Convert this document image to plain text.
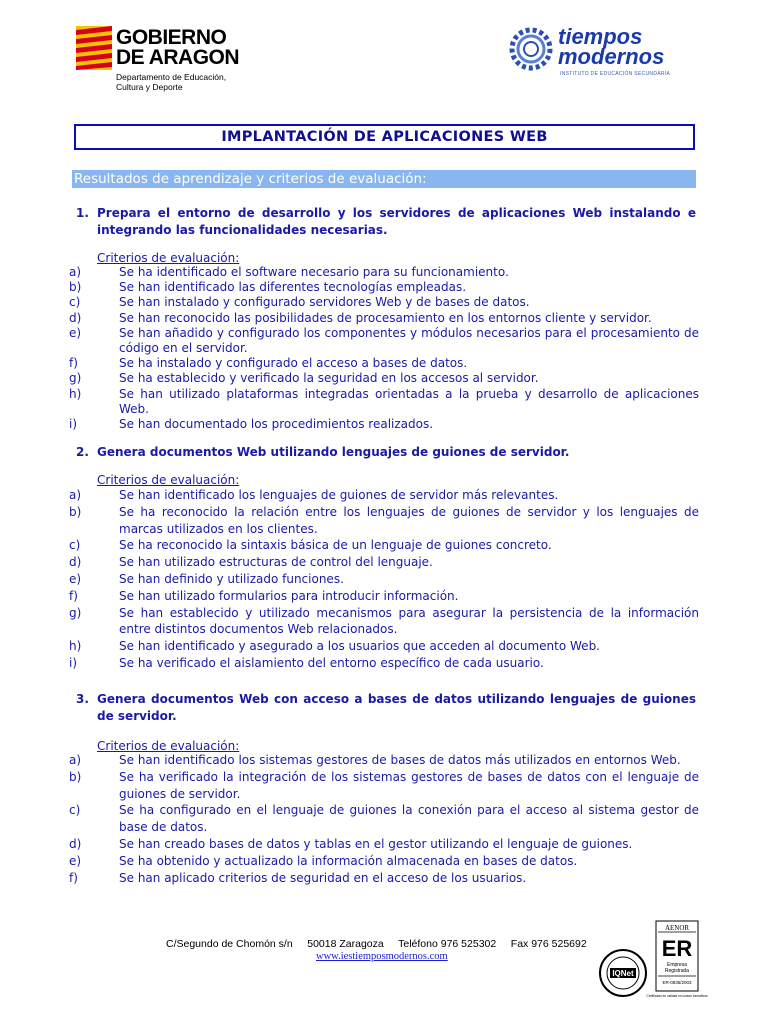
GOBIERNO
DE ARAGON
Departamento de Educación,
Cultura y Deporte
tiempos
modernos
INSTITUTO DE EDUCACIÓN SECUNDARIA
IMPLANTACIÓN DE APLICACIONES WEB
Resultados de aprendizaje y criterios de evaluación:
1. Prepara el entorno de desarrollo y los servidores de aplicaciones Web instalando e integrando las funcionalidades necesarias.
Criterios de evaluación:
a)	Se ha identificado el software necesario para su funcionamiento.
b)	Se han identificado las diferentes tecnologías empleadas.
c)	Se han instalado y configurado servidores Web y de bases de datos.
d)	Se han reconocido las posibilidades de procesamiento en los entornos cliente y servidor.
e)	Se han añadido y configurado los componentes y módulos necesarios para el procesamiento de código en el servidor.
f)	Se ha instalado y configurado el acceso a bases de datos.
g)	Se ha establecido y verificado la seguridad en los accesos al servidor.
h)	Se han utilizado plataformas integradas orientadas a la prueba y desarrollo de aplicaciones Web.
i)	Se han documentado los procedimientos realizados.
2. Genera documentos Web utilizando lenguajes de guiones de servidor.
Criterios de evaluación:
a)	Se han identificado los lenguajes de guiones de servidor más relevantes.
b)	Se ha reconocido la relación entre los lenguajes de guiones de servidor y los lenguajes de marcas utilizados en los clientes.
c)	Se ha reconocido la sintaxis básica de un lenguaje de guiones concreto.
d)	Se han utilizado estructuras de control del lenguaje.
e)	Se han definido y utilizado funciones.
f)	Se han utilizado formularios para introducir información.
g)	Se han establecido y utilizado mecanismos para asegurar la persistencia de la información entre distintos documentos Web relacionados.
h)	Se han identificado y asegurado a los usuarios que acceden al documento Web.
i)	Se ha verificado el aislamiento del entorno específico de cada usuario.
3. Genera documentos Web con acceso a bases de datos utilizando lenguajes de guiones de servidor.
Criterios de evaluación:
a)	Se han identificado los sistemas gestores de bases de datos más utilizados en entornos Web.
b)	Se ha verificado la integración de los sistemas gestores de bases de datos con el lenguaje de guiones de servidor.
c)	Se ha configurado en el lenguaje de guiones la conexión para el acceso al sistema gestor de base de datos.
d)	Se han creado bases de datos y tablas en el gestor utilizando el lenguaje de guiones.
e)	Se ha obtenido y actualizado la información almacenada en bases de datos.
f)	Se han aplicado criterios de seguridad en el acceso de los usuarios.
C/Segundo de Chomón s/n     50018 Zaragoza     Teléfono 976 525302     Fax 976 525692
www.iestiemposmodernos.com
IQNet
AENOR
ER
Empresa
Registrada
ER-0835/2003
Certificado en calidad en cursos formativos
